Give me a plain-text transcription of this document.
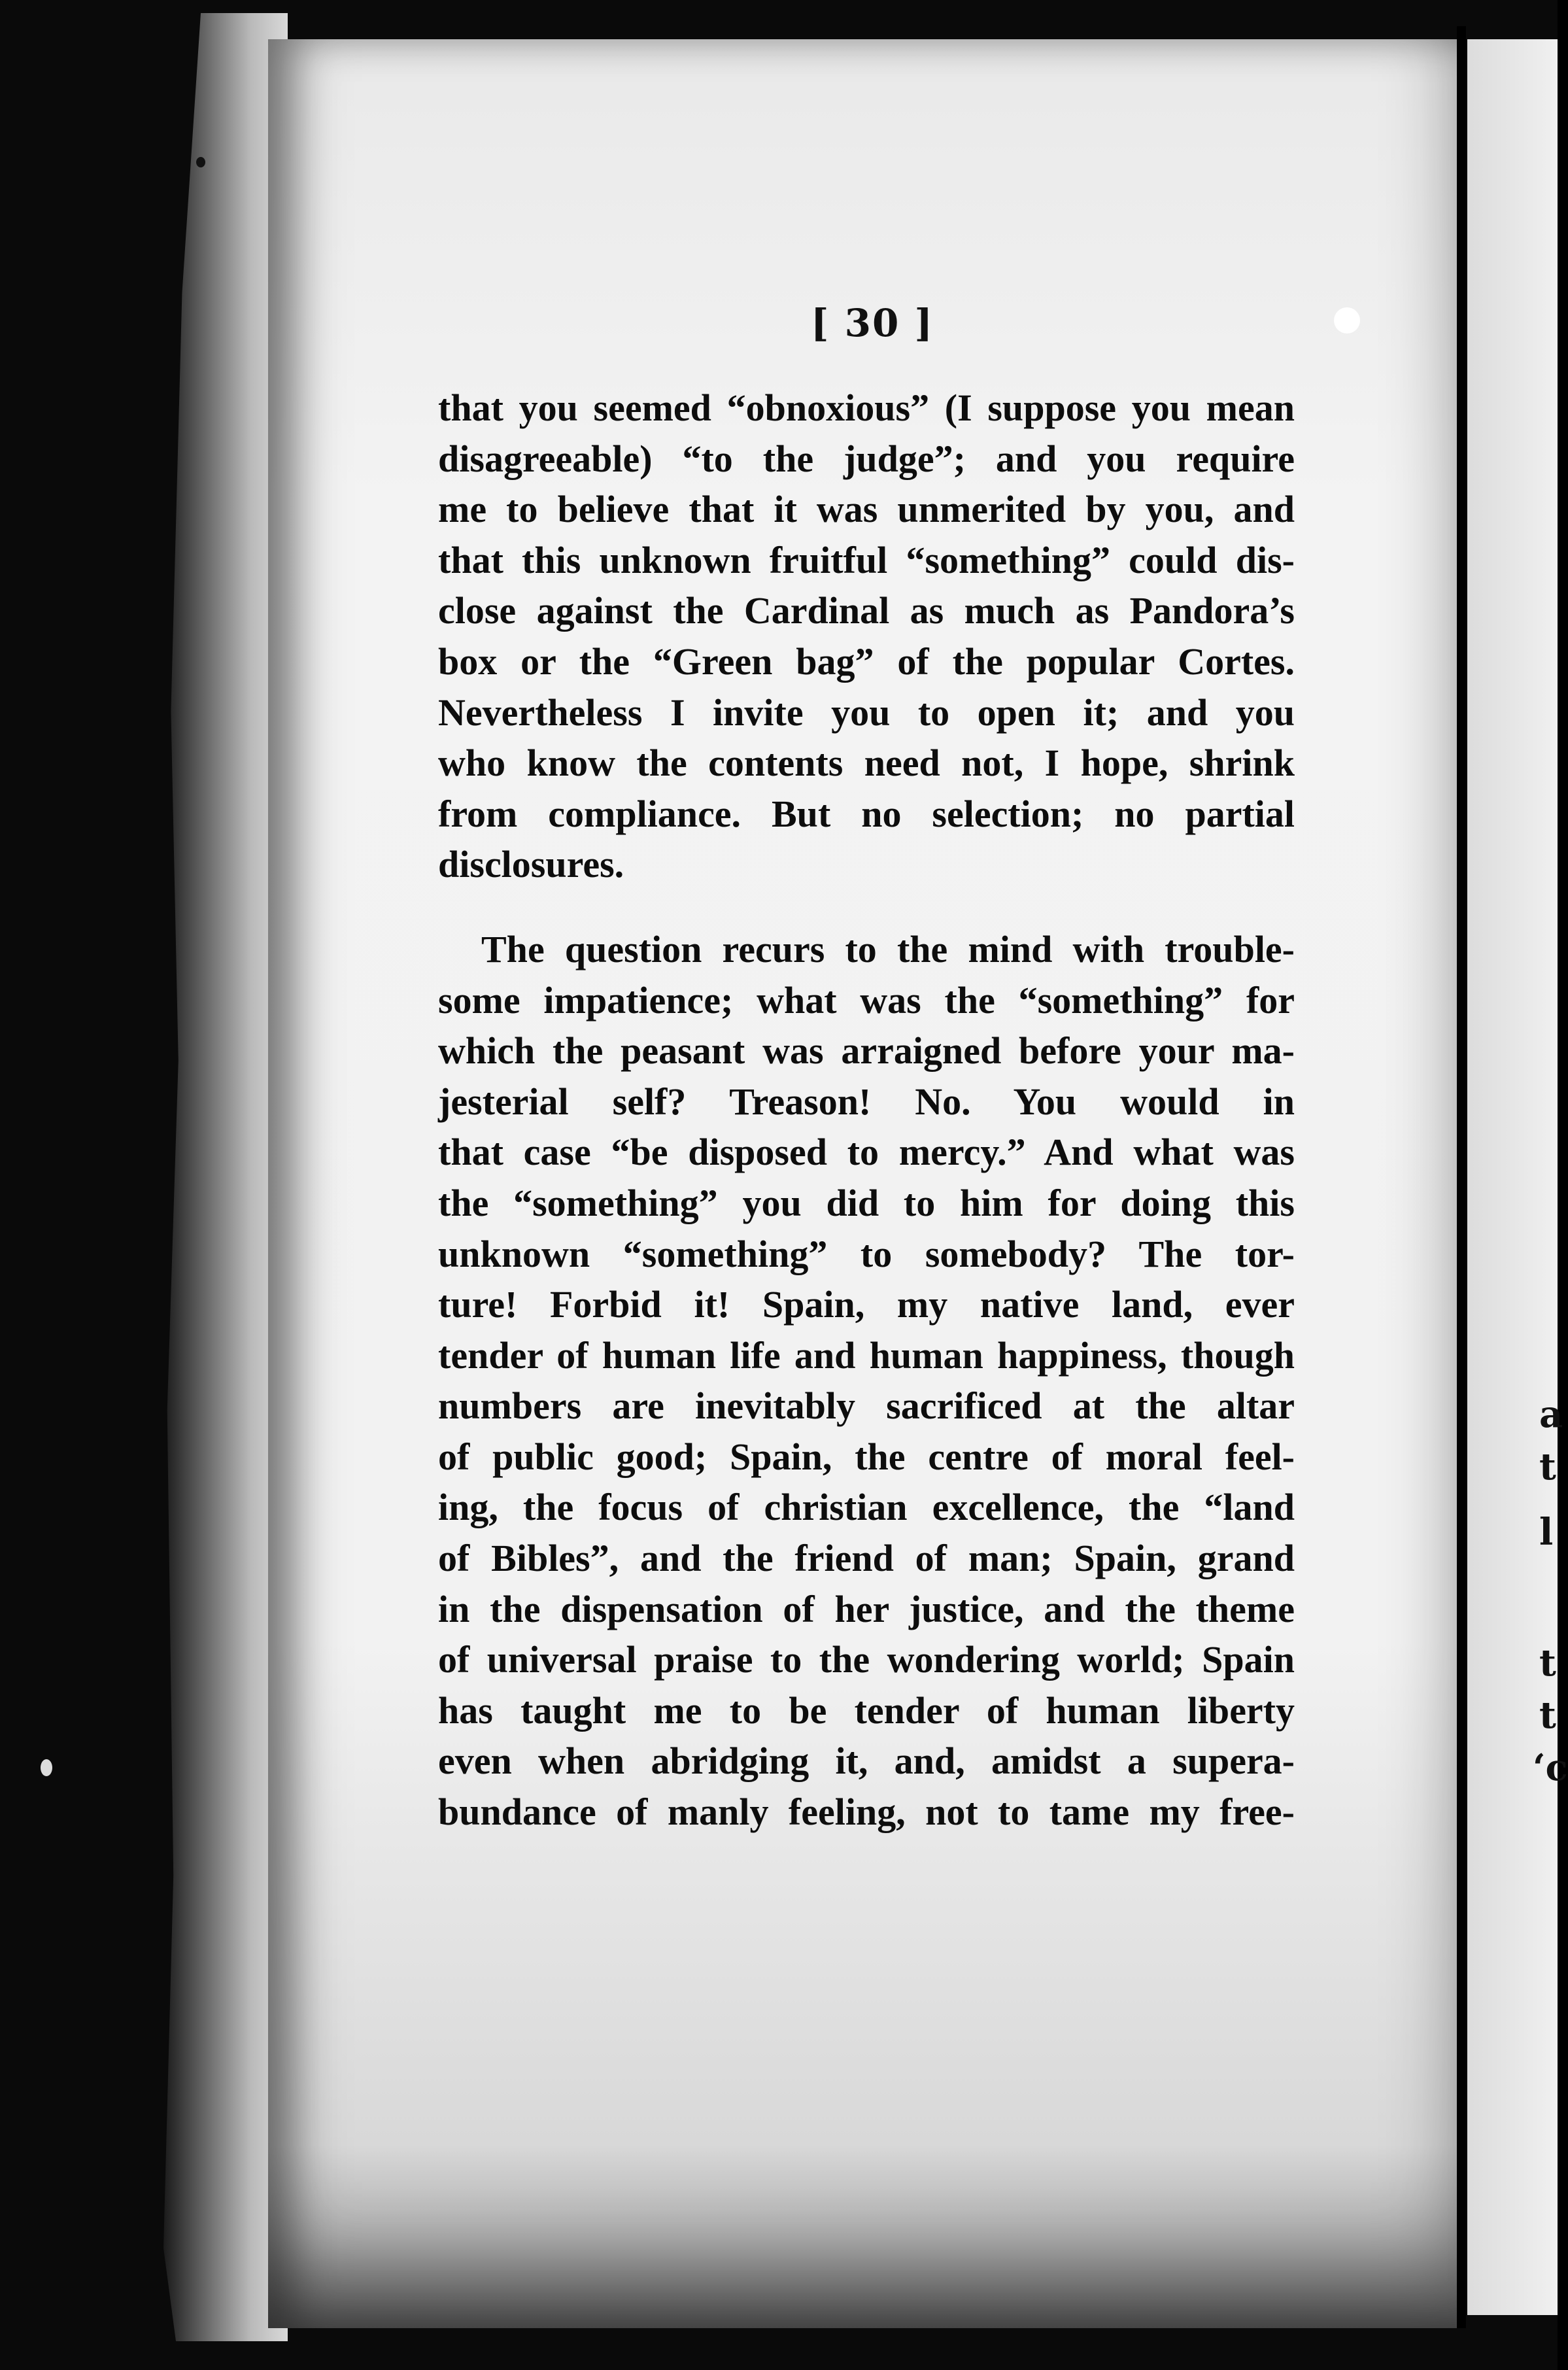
a
t
l
t
t
‘c
[ 30 ]
that you seemed “obnoxious” (I suppose you mean
disagreeable) “to the judge”; and you require
me to believe that it was unmerited by you, and
that this unknown fruitful “something” could dis-
close against the Cardinal as much as Pandora’s
box or the “Green bag” of the popular Cortes.
Nevertheless I invite you to open it; and you
who know the contents need not, I hope, shrink
from compliance. But no selection; no partial
disclosures.
The question recurs to the mind with trouble-
some impatience; what was the “something” for
which the peasant was arraigned before your ma-
jesterial self? Treason! No. You would in
that case “be disposed to mercy.” And what was
the “something” you did to him for doing this
unknown “something” to somebody? The tor-
ture! Forbid it! Spain, my native land, ever
tender of human life and human happiness, though
numbers are inevitably sacrificed at the altar
of public good; Spain, the centre of moral feel-
ing, the focus of christian excellence, the “land
of Bibles”, and the friend of man; Spain, grand
in the dispensation of her justice, and the theme
of universal praise to the wondering world; Spain
has taught me to be tender of human liberty
even when abridging it, and, amidst a supera-
bundance of manly feeling, not to tame my free-
